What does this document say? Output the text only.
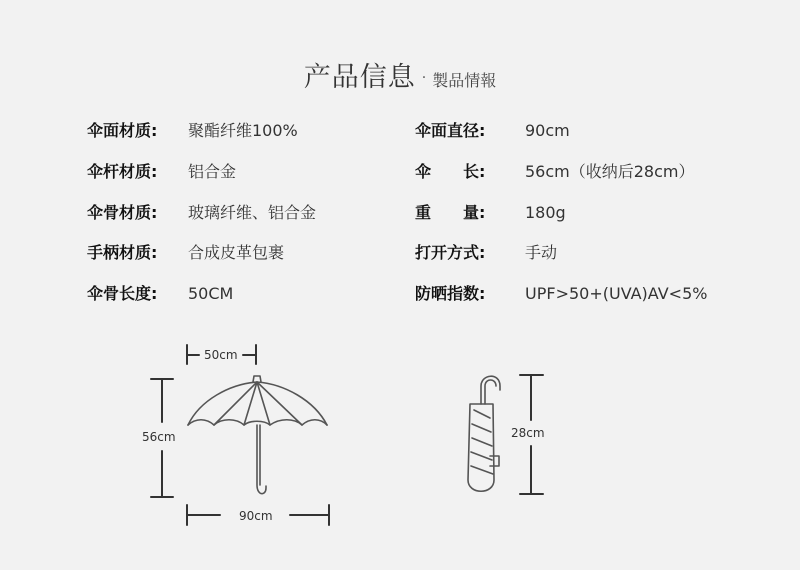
产品信息 · 製品情報
伞面材质: 聚酯纤维100%
伞杆材质: 铝合金
伞骨材质: 玻璃纤维、铝合金
手柄材质: 合成皮革包裹
伞骨长度: 50CM
伞面直径: 90cm
伞　　长: 56cm（收纳后28cm）
重　　量: 180g
打开方式: 手动
防晒指数: UPF>50+(UVA)AV<5%
50cm
56cm
90cm
28cm
